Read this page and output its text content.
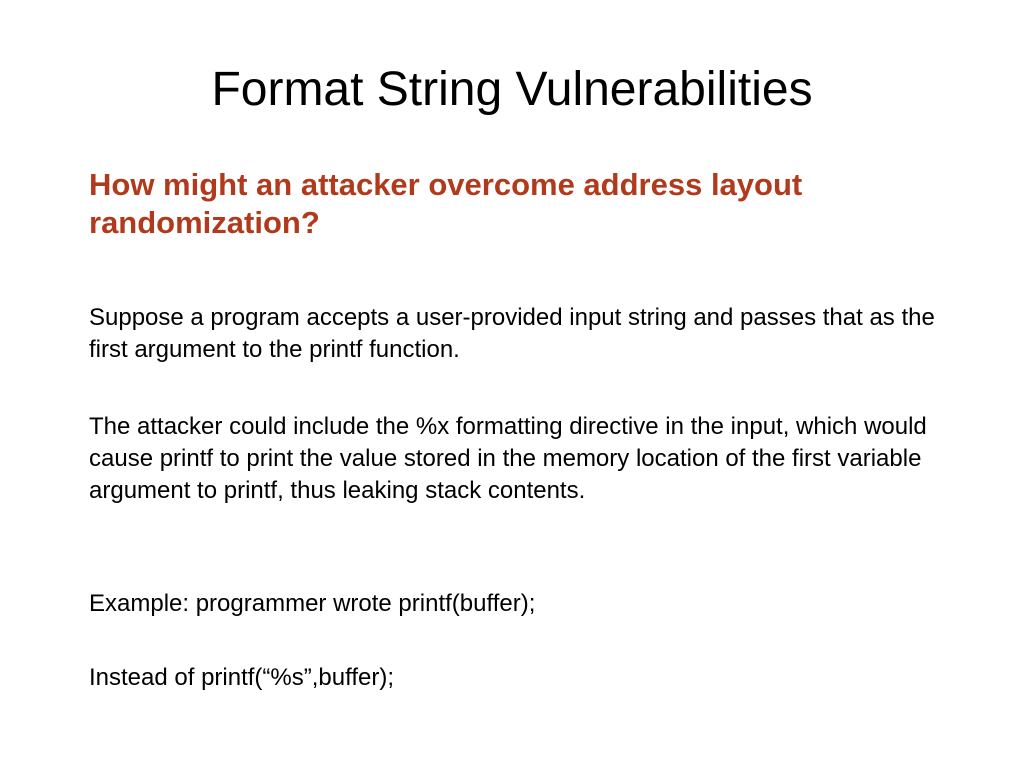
Format String Vulnerabilities

How might an attacker overcome address layout randomization?

Suppose a program accepts a user-provided input string and passes that as the first argument to the printf function.

The attacker could include the %x formatting directive in the input, which would cause printf to print the value stored in the memory location of the first variable argument to printf, thus leaking stack contents.

Example: programmer wrote printf(buffer);

Instead of printf(“%s”,buffer);
